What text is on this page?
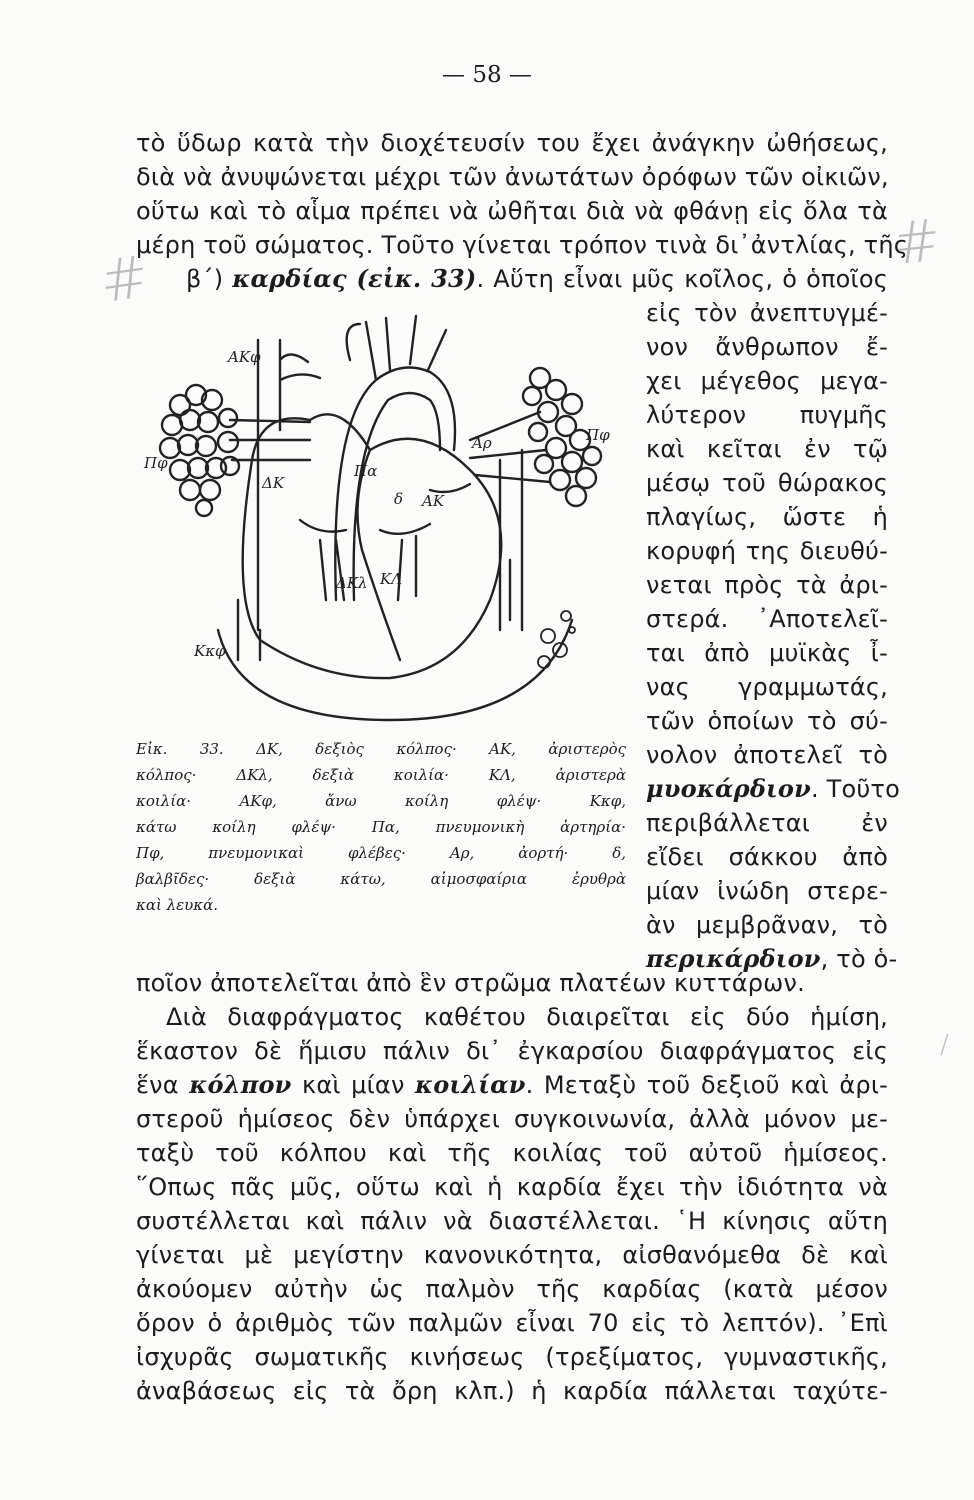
— 58 —
#	#
/
τὸ ὕδωρ κατὰ τὴν διοχέτευσίν του ἔχει ἀνάγκην ὠθήσεως,
διὰ νὰ ἀνυψώνεται μέχρι τῶν ἀνωτάτων ὀρόφων τῶν οἰκιῶν,
οὕτω καὶ τὸ αἷμα πρέπει νὰ ὠθῆται διὰ νὰ φθάνῃ εἰς ὅλα τὰ
μέρη τοῦ σώματος. Τοῦτο γίνεται τρόπον τινὰ δι᾽ἀντλίας, τῆς
β΄) καρδίας (εἰκ. 33). Αὕτη εἶναι μῦς κοῖλος, ὁ ὁποῖος
εἰς τὸν ἀνεπτυγμέ-
νον ἄνθρωπον ἔ-
χει μέγεθος μεγα-
λύτερον πυγμῆς
καὶ κεῖται ἐν τῷ
μέσῳ τοῦ θώρακος
πλαγίως, ὥστε ἡ
κορυφή της διευθύ-
νεται πρὸς τὰ ἀρι-
στερά. ᾿Αποτελεῖ-
ται ἀπὸ μυϊκὰς ἶ-
νας γραμμωτάς,
τῶν ὁποίων τὸ σύ-
νολον ἀποτελεῖ τὸ
μυοκάρδιον. Τοῦτο
περιβάλλεται ἐν
εἴδει σάκκου ἀπὸ
μίαν ἰνώδη στερε-
ὰν μεμβρᾶναν, τὸ
περικάρδιον, τὸ ὁ-
ΑΚφ
Πφ	Πα
Αρ
ΔΚ
ΑΚ
Πφ
δ
ΔΚλ ΚΛ
Κκφ
Εἰκ. 33. ΔΚ, δεξιὸς κόλπος· ΑΚ, ἀριστερὸς
κόλπος· ΔΚλ, δεξιὰ κοιλία· ΚΛ, ἀριστερὰ
κοιλία· ΑΚφ, ἄνω κοίλη φλέψ· Κκφ,
κάτω κοίλη φλέψ· Πα, πνευμονικὴ ἀρτηρία·
Πφ, πνευμονικαὶ φλέβες· Αρ, ἀορτή· δ,
βαλβῖδες· δεξιὰ κάτω, αἱμοσφαίρια ἐρυθρὰ
καὶ λευκά.
ποῖον ἀποτελεῖται ἀπὸ ἓν στρῶμα πλατέων κυττάρων.
Διὰ διαφράγματος καθέτου διαιρεῖται εἰς δύο ἡμίση,
ἕκαστον δὲ ἥμισυ πάλιν δι᾽ ἐγκαρσίου διαφράγματος εἰς
ἕνα κόλπον καὶ μίαν κοιλίαν. Μεταξὺ τοῦ δεξιοῦ καὶ ἀρι-
στεροῦ ἡμίσεος δὲν ὑπάρχει συγκοινωνία, ἀλλὰ μόνον με-
ταξὺ τοῦ κόλπου καὶ τῆς κοιλίας τοῦ αὐτοῦ ἡμίσεος.
῞Οπως πᾶς μῦς, οὕτω καὶ ἡ καρδία ἔχει τὴν ἰδιότητα νὰ
συστέλλεται καὶ πάλιν νὰ διαστέλλεται. ῾Η κίνησις αὕτη
γίνεται μὲ μεγίστην κανονικότητα, αἰσθανόμεθα δὲ καὶ
ἀκούομεν αὐτὴν ὡς παλμὸν τῆς καρδίας (κατὰ μέσον
ὅρον ὁ ἀριθμὸς τῶν παλμῶν εἶναι 70 εἰς τὸ λεπτόν). ᾿Επὶ
ἰσχυρᾶς σωματικῆς κινήσεως (τρεξίματος, γυμναστικῆς,
ἀναβάσεως εἰς τὰ ὄρη κλπ.) ἡ καρδία πάλλεται ταχύτε-
